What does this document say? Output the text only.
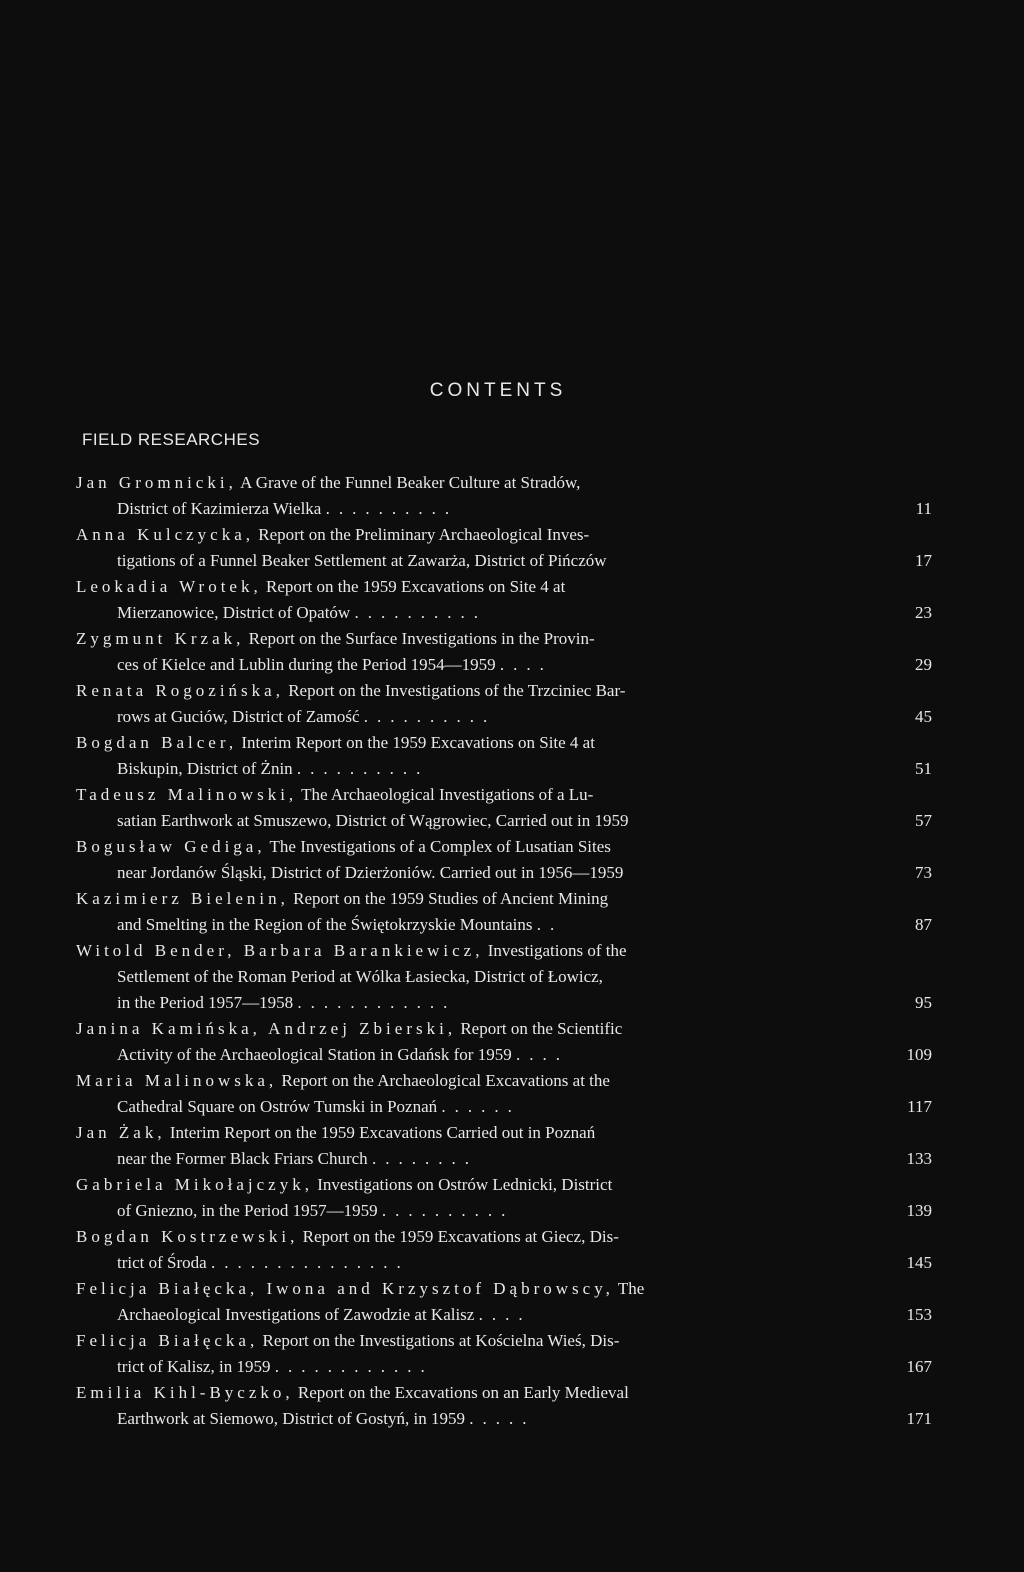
CONTENTS
FIELD RESEARCHES
Jan Gromnicki, A Grave of the Funnel Beaker Culture at Stradów,
District of Kazimierza Wielka ..........	11
Anna Kulczycka, Report on the Preliminary Archaeological Inves-
tigations of a Funnel Beaker Settlement at Zawarża, District of Pińczów	17
Leokadia Wrotek, Report on the 1959 Excavations on Site 4 at
Mierzanowice, District of Opatów ..........	23
Zygmunt Krzak, Report on the Surface Investigations in the Provin-
ces of Kielce and Lublin during the Period 1954—1959 ....	29
Renata Rogozińska, Report on the Investigations of the Trzciniec Bar-
rows at Guciów, District of Zamość ..........	45
Bogdan Balcer, Interim Report on the 1959 Excavations on Site 4 at
Biskupin, District of Żnin ..........	51
Tadeusz Malinowski, The Archaeological Investigations of a Lu-
satian Earthwork at Smuszewo, District of Wągrowiec, Carried out in 1959	57
Bogusław Gediga, The Investigations of a Complex of Lusatian Sites
near Jordanów Śląski, District of Dzierżoniów. Carried out in 1956—1959	73
Kazimierz Bielenin, Report on the 1959 Studies of Ancient Mining
and Smelting in the Region of the Świętokrzyskie Mountains ..	87
Witold Bender, Barbara Barankiewicz, Investigations of the
Settlement of the Roman Period at Wólka Łasiecka, District of Łowicz,
in the Period 1957—1958 ............	95
Janina Kamińska, Andrzej Zbierski, Report on the Scientific
Activity of the Archaeological Station in Gdańsk for 1959 ....	109
Maria Malinowska, Report on the Archaeological Excavations at the
Cathedral Square on Ostrów Tumski in Poznań ......	117
Jan Żak, Interim Report on the 1959 Excavations Carried out in Poznań
near the Former Black Friars Church ........	133
Gabriela Mikołajczyk, Investigations on Ostrów Lednicki, District
of Gniezno, in the Period 1957—1959 ..........	139
Bogdan Kostrzewski, Report on the 1959 Excavations at Giecz, Dis-
trict of Środa ...............	145
Felicja Białęcka, Iwona and Krzysztof Dąbrowscy, The
Archaeological Investigations of Zawodzie at Kalisz ....	153
Felicja Białęcka, Report on the Investigations at Kościelna Wieś, Dis-
trict of Kalisz, in 1959 ............	167
Emilia Kihl-Byczko, Report on the Excavations on an Early Medieval
Earthwork at Siemowo, District of Gostyń, in 1959 .....	171
